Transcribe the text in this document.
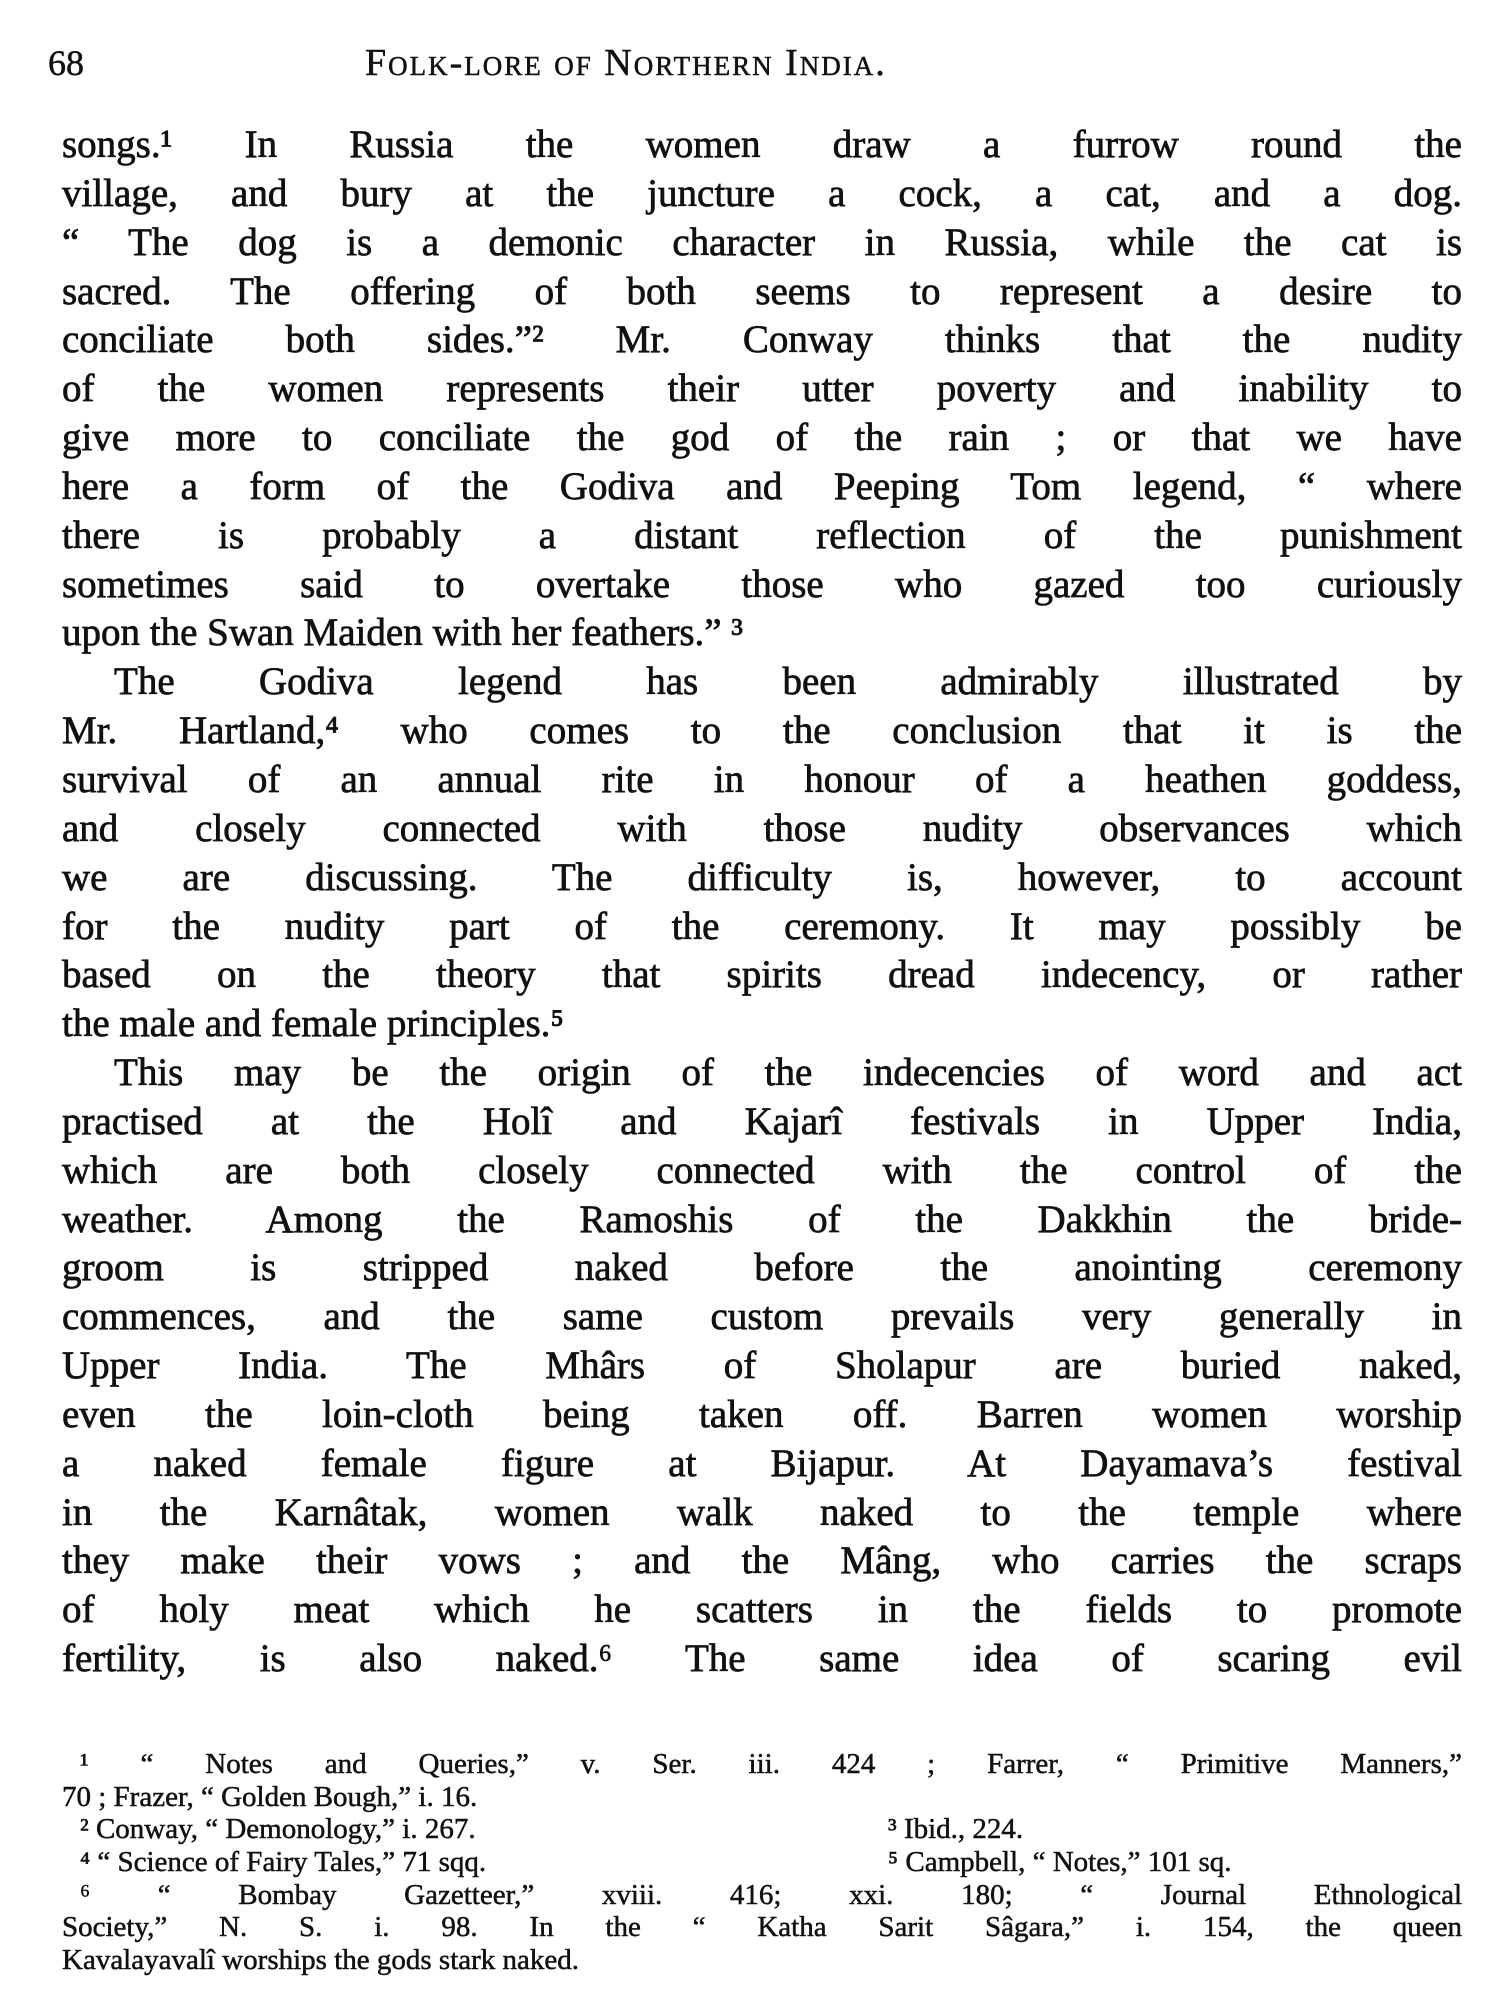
68	Folk-lore of Northern India.
songs.¹ In Russia the women draw a furrow round the
village, and bury at the juncture a cock, a cat, and a dog.
“ The dog is a demonic character in Russia, while the cat is
sacred. The offering of both seems to represent a desire to
conciliate both sides.”² Mr. Conway thinks that the nudity
of the women represents their utter poverty and inability to
give more to conciliate the god of the rain ; or that we have
here a form of the Godiva and Peeping Tom legend, “ where
there is probably a distant reflection of the punishment
sometimes said to overtake those who gazed too curiously
upon the Swan Maiden with her feathers.” ³
The Godiva legend has been admirably illustrated by
Mr. Hartland,⁴ who comes to the conclusion that it is the
survival of an annual rite in honour of a heathen goddess,
and closely connected with those nudity observances which
we are discussing. The difficulty is, however, to account
for the nudity part of the ceremony. It may possibly be
based on the theory that spirits dread indecency, or rather
the male and female principles.⁵
This may be the origin of the indecencies of word and act
practised at the Holî and Kajarî festivals in Upper India,
which are both closely connected with the control of the
weather. Among the Ramoshis of the Dakkhin the bride-
groom is stripped naked before the anointing ceremony
commences, and the same custom prevails very generally in
Upper India. The Mhârs of Sholapur are buried naked,
even the loin-cloth being taken off. Barren women worship
a naked female figure at Bijapur. At Dayamava’s festival
in the Karnâtak, women walk naked to the temple where
they make their vows ; and the Mâng, who carries the scraps
of holy meat which he scatters in the fields to promote
fertility, is also naked.⁶ The same idea of scaring evil
¹ “ Notes and Queries,” v. Ser. iii. 424 ; Farrer, “ Primitive Manners,”
70 ; Frazer, “ Golden Bough,” i. 16.
² Conway, “ Demonology,” i. 267.	³ Ibid., 224.
⁴ “ Science of Fairy Tales,” 71 sqq.	⁵ Campbell, “ Notes,” 101 sq.
⁶ “ Bombay Gazetteer,” xviii. 416; xxi. 180; “ Journal Ethnological
Society,” N. S. i. 98. In the “ Katha Sarit Sâgara,” i. 154, the queen
Kavalayavalî worships the gods stark naked.
